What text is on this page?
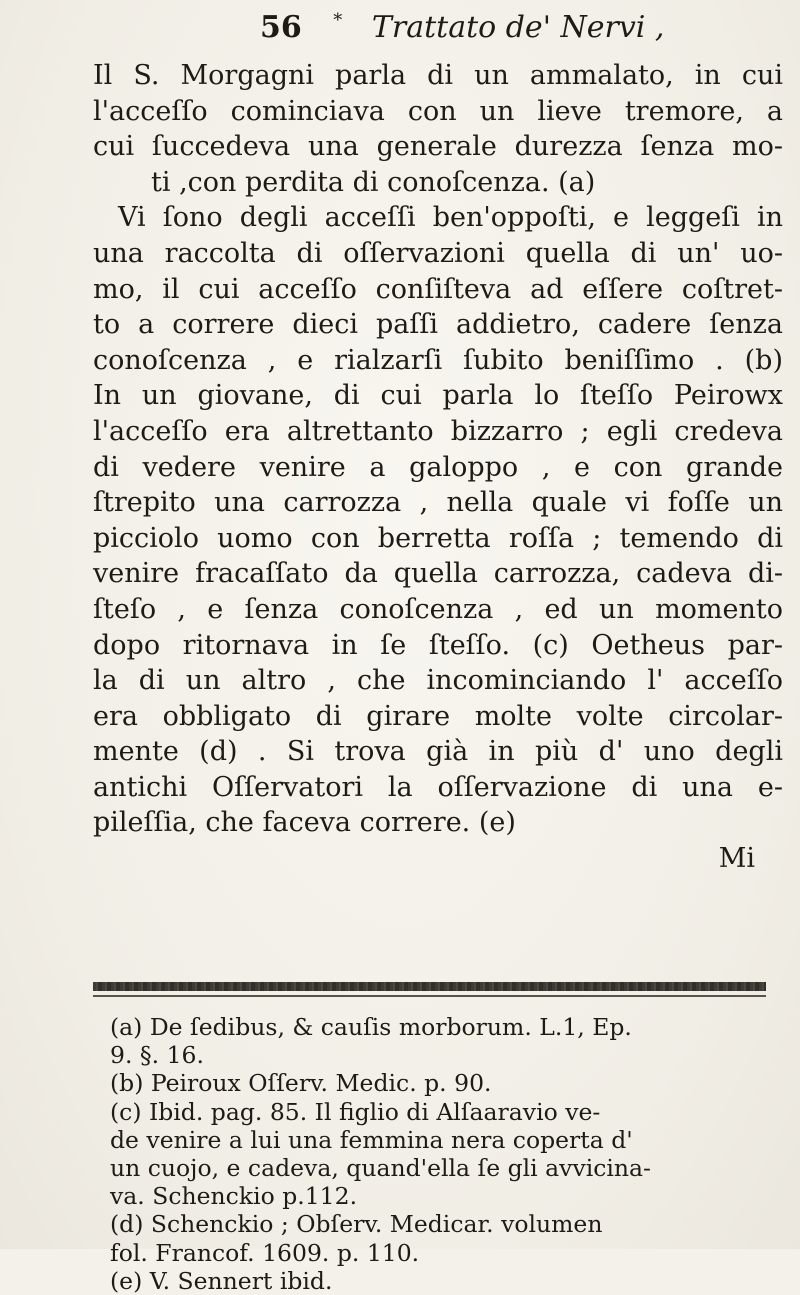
56 * Trattato de' Nervi ,
Il S. Morgagni parla di un ammalato, in cui
l'acceſſo cominciava con un lieve tremore, a
cui ſuccedeva una generale durezza ſenza mo-
ti ,con perdita di conoſcenza. (a)
Vi ſono degli acceſſi ben'oppoſti, e leggeſi in
una raccolta di oſſervazioni quella di un' uo-
mo, il cui acceſſo conſiſteva ad eſſere coſtret-
to a correre dieci paſſi addietro, cadere ſenza
conoſcenza , e rialzarſi ſubito beniſſimo . (b)
In un giovane, di cui parla lo ſteſſo Peirowx
l'acceſſo era altrettanto bizzarro ; egli credeva
di vedere venire a galoppo , e con grande
ſtrepito una carrozza , nella quale vi foſſe un
picciolo uomo con berretta roſſa ; temendo di
venire fracaſſato da quella carrozza, cadeva di-
ſteſo , e ſenza conoſcenza , ed un momento
dopo ritornava in ſe ſteſſo. (c) Oetheus par-
la di un altro , che incominciando l' acceſſo
era obbligato di girare molte volte circolar-
mente (d) . Si trova già in più d' uno degli
antichi Oſſervatori la oſſervazione di una e-
pileſſia, che faceva correre. (e)
Mi
(a) De ſedibus, & cauſis morborum. L.1, Ep.
9. §. 16.
(b) Peiroux Oſſerv. Medic. p. 90.
(c) Ibid. pag. 85. Il figlio di Alſaaravio ve-
de venire a lui una femmina nera coperta d'
un cuojo, e cadeva, quand'ella ſe gli avvicina-
va. Schenckio p.112.
(d) Schenckio ; Obſerv. Medicar. volumen
fol. Francof. 1609. p. 110.
(e) V. Sennert ibid.
